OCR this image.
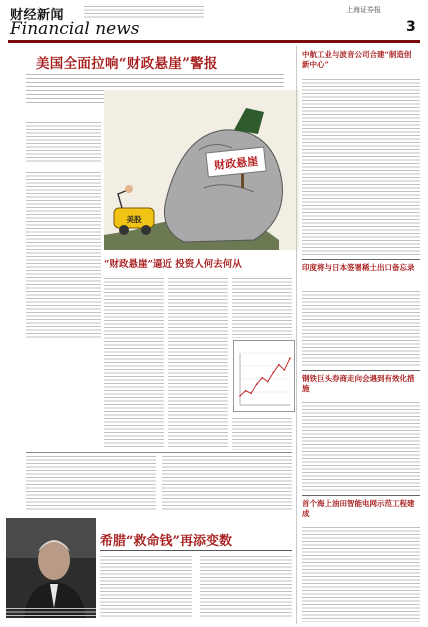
财经新闻
Financial news
上海证券报
3
美国全面拉响“财政悬崖”警报
财政悬崖
美股
“财政悬崖”逼近 投资人何去何从
希腊“救命钱”再添变数
中航工业与波音公司合建“制造创新中心”
印度将与日本签署稀土出口备忘录
钢铁巨头券商走向会遇到有效化措施
首个海上油田智能电网示范工程建成
